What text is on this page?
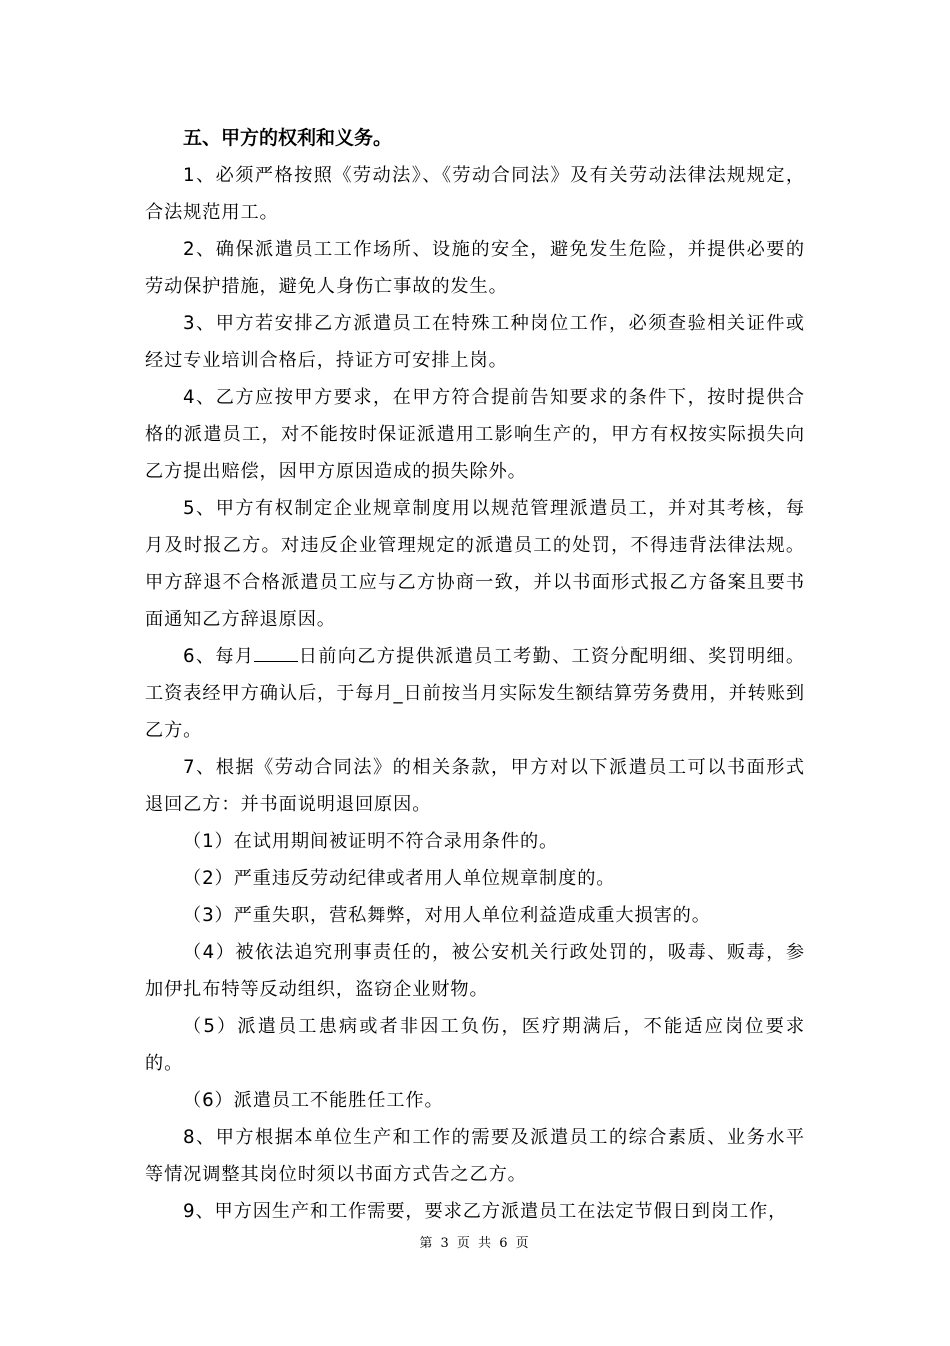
五、甲方的权利和义务。

1、必须严格按照《劳动法》、《劳动合同法》及有关劳动法律法规规定，合法规范用工。

2、确保派遣员工工作场所、设施的安全，避免发生危险，并提供必要的劳动保护措施，避免人身伤亡事故的发生。

3、甲方若安排乙方派遣员工在特殊工种岗位工作，必须查验相关证件或经过专业培训合格后，持证方可安排上岗。

4、乙方应按甲方要求，在甲方符合提前告知要求的条件下，按时提供合格的派遣员工，对不能按时保证派遣用工影响生产的，甲方有权按实际损失向乙方提出赔偿，因甲方原因造成的损失除外。

5、甲方有权制定企业规章制度用以规范管理派遣员工，并对其考核，每月及时报乙方。对违反企业管理规定的派遣员工的处罚，不得违背法律法规。甲方辞退不合格派遣员工应与乙方协商一致，并以书面形式报乙方备案且要书面通知乙方辞退原因。

6、每月 日前向乙方提供派遣员工考勤、工资分配明细、奖罚明细。工资表经甲方确认后，于每月_日前按当月实际发生额结算劳务费用，并转账到乙方。

7、根据《劳动合同法》的相关条款，甲方对以下派遣员工可以书面形式退回乙方：并书面说明退回原因。

（1）在试用期间被证明不符合录用条件的。

（2）严重违反劳动纪律或者用人单位规章制度的。

（3）严重失职，营私舞弊，对用人单位利益造成重大损害的。

（4）被依法追究刑事责任的，被公安机关行政处罚的，吸毒、贩毒，参加伊扎布特等反动组织，盗窃企业财物。

（5）派遣员工患病或者非因工负伤，医疗期满后，不能适应岗位要求的。

（6）派遣员工不能胜任工作。

8、甲方根据本单位生产和工作的需要及派遣员工的综合素质、业务水平等情况调整其岗位时须以书面方式告之乙方。

9、甲方因生产和工作需要，要求乙方派遣员工在法定节假日到岗工作，

第 3 页 共 6 页
